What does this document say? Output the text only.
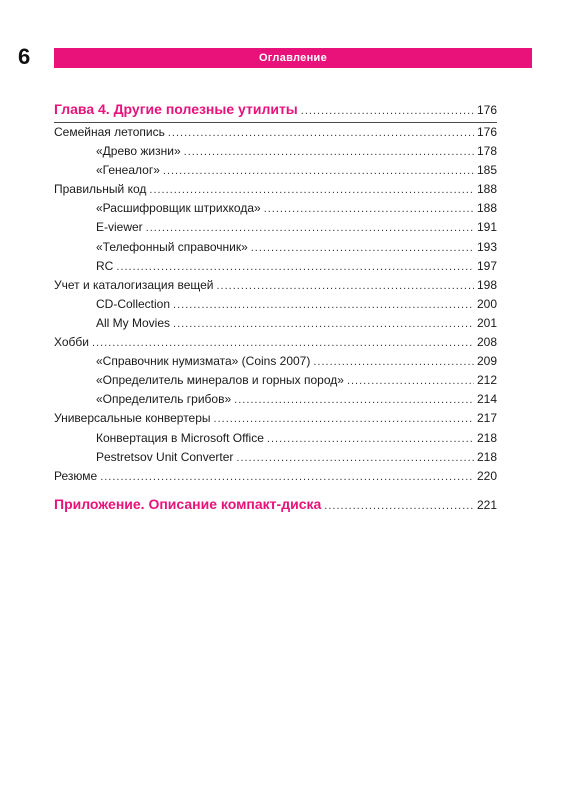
6	Оглавление
Глава 4. Другие полезные утилиты .....	176
Семейная летопись .....	176
«Древо жизни» .....	178
«Генеалог» .....	185
Правильный код .....	188
«Расшифровщик штрихкода» .....	188
E-viewer .....	191
«Телефонный справочник» .....	193
RC .....	197
Учет и каталогизация вещей .....	198
CD-Collection .....	200
All My Movies .....	201
Хобби .....	208
«Справочник нумизмата» (Coins 2007) .....	209
«Определитель минералов и горных пород» .....	212
«Определитель грибов» .....	214
Универсальные конвертеры .....	217
Конвертация в Microsoft Office .....	218
Pestretsov Unit Converter .....	218
Резюме .....	220
Приложение. Описание компакт-диска .....	221
